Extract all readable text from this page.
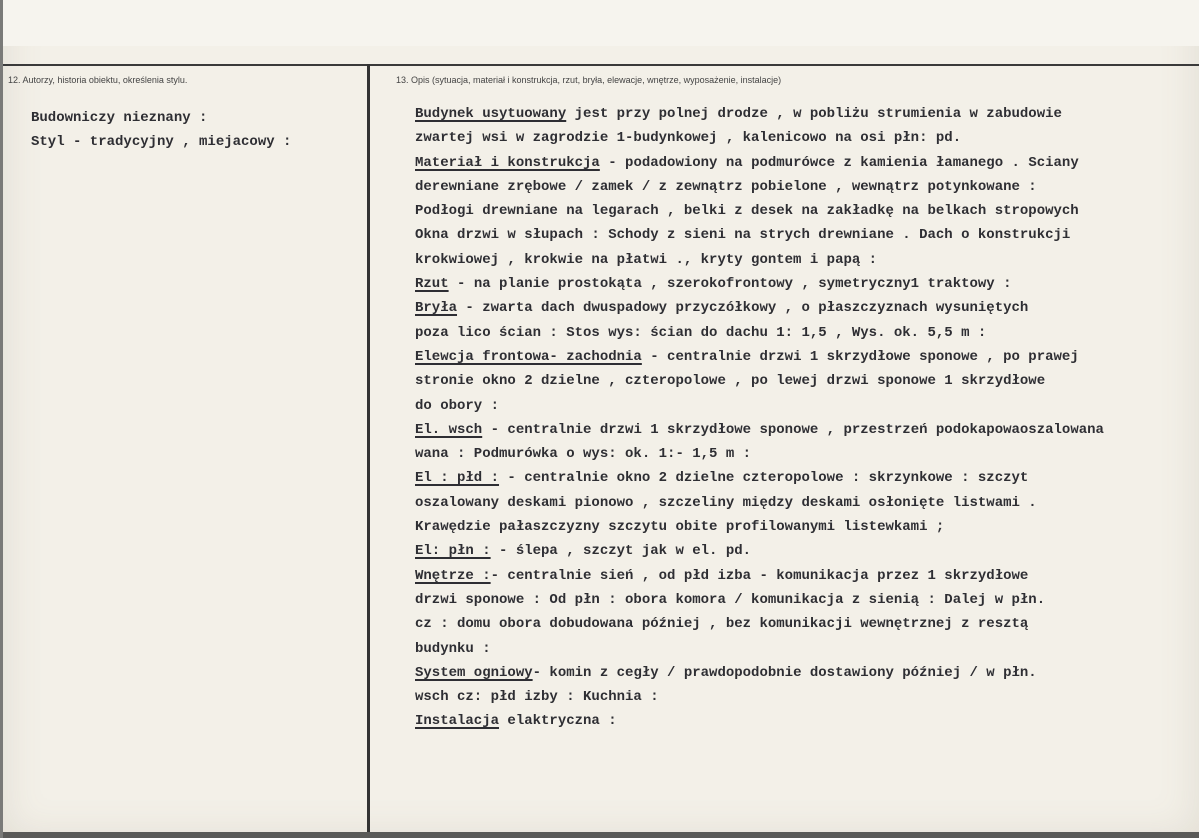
12. Autorzy, historia obiektu, określenia stylu.	13. Opis (sytuacja, materiał i konstrukcja, rzut, bryła, elewacje, wnętrze, wyposażenie, instalacje)
Budowniczy nieznany :
Styl - tradycyjny , miejacowy :
Budynek usytuowany jest przy polnej drodze , w pobliżu strumienia w zabudowie
zwartej wsi w zagrodzie 1-budynkowej , kalenicowo na osi płn: pd.
Materiał i konstrukcja - podadowiony na podmurówce z kamienia łamanego . Sciany
derewniane zrębowe / zamek / z zewnątrz pobielone , wewnątrz potynkowane :
Podłogi drewniane na legarach , belki z desek na zakładkę na belkach stropowych
Okna drzwi w słupach : Schody z sieni na strych drewniane . Dach o konstrukcji
krokwiowej , krokwie na płatwi ., kryty gontem i papą :
Rzut - na planie prostokąta , szerokofrontowy , symetryczny1 traktowy :
Bryła - zwarta dach dwuspadowy przyczółkowy , o płaszczyznach wysuniętych
poza lico ścian : Stos wys: ścian do dachu 1: 1,5 , Wys. ok. 5,5 m :
Elewcja frontowa- zachodnia - centralnie drzwi 1 skrzydłowe sponowe , po prawej
stronie okno 2 dzielne , czteropolowe , po lewej drzwi sponowe 1 skrzydłowe
do obory :
El. wsch - centralnie drzwi 1 skrzydłowe sponowe , przestrzeń podokapowaoszalowana
wana : Podmurówka o wys: ok. 1:- 1,5 m :
El : płd : - centralnie okno 2 dzielne czteropolowe : skrzynkowe : szczyt
oszalowany deskami pionowo , szczeliny między deskami osłonięte listwami .
Krawędzie pałaszczyzny szczytu obite profilowanymi listewkami ;
El: płn : - ślepa , szczyt jak w el. pd.
Wnętrze :- centralnie sień , od płd izba - komunikacja przez 1 skrzydłowe
drzwi sponowe : Od płn : obora komora / komunikacja z sienią : Dalej w płn.
cz : domu obora dobudowana później , bez komunikacji wewnętrznej z resztą
budynku :
System ogniowy- komin z cegły / prawdopodobnie dostawiony później / w płn.
wsch cz: płd izby : Kuchnia :
Instalacja elaktryczna :
